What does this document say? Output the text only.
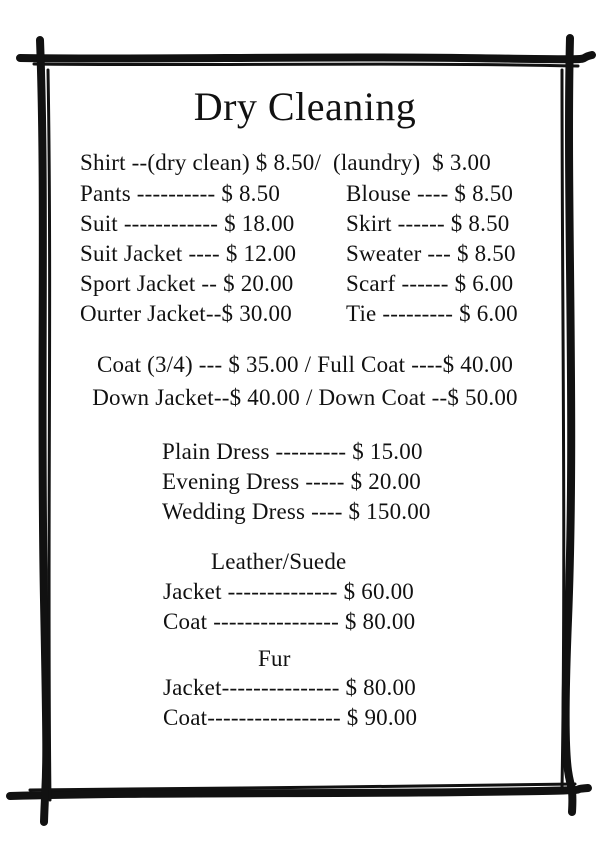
Dry Cleaning
Shirt --(dry clean) $ 8.50/  (laundry)  $ 3.00
Pants ---------- $ 8.50
Suit ------------ $ 18.00
Suit Jacket ---- $ 12.00
Sport Jacket -- $ 20.00
Ourter Jacket--$ 30.00
Blouse ---- $ 8.50
Skirt ------ $ 8.50
Sweater --- $ 8.50
Scarf ------ $ 6.00
Tie --------- $ 6.00
Coat (3/4) --- $ 35.00 / Full Coat ----$ 40.00
Down Jacket--$ 40.00 / Down Coat --$ 50.00
Plain Dress --------- $ 15.00
Evening Dress ----- $ 20.00
Wedding Dress ---- $ 150.00
Leather/Suede
Jacket -------------- $ 60.00
Coat ---------------- $ 80.00
Fur
Jacket--------------- $ 80.00
Coat----------------- $ 90.00
